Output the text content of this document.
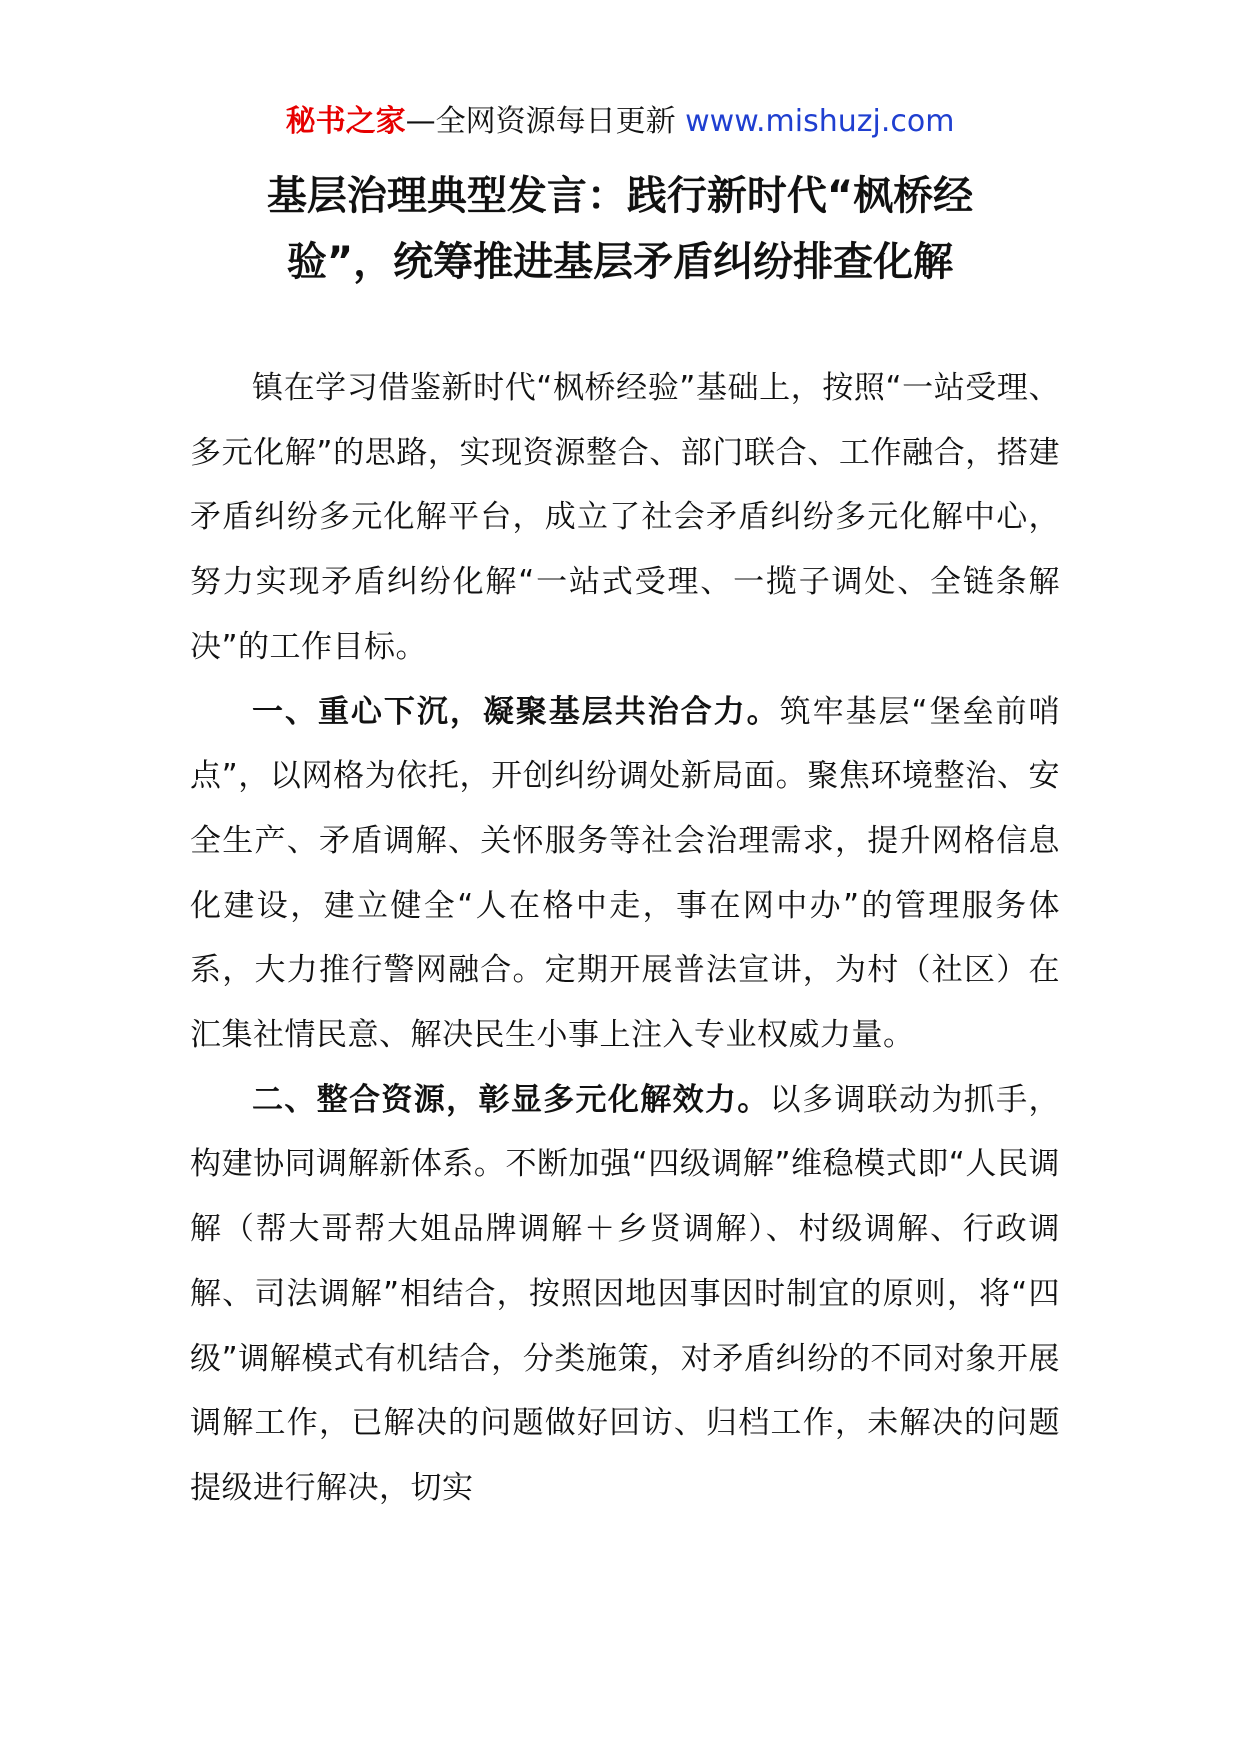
秘书之家—全网资源每日更新 www.mishuzj.com
基层治理典型发言：践行新时代“枫桥经
验”，统筹推进基层矛盾纠纷排查化解

镇在学习借鉴新时代“枫桥经验”基础上，按照“一站受理、多元化解”的思路，实现资源整合、部门联合、工作融合，搭建矛盾纠纷多元化解平台，成立了社会矛盾纠纷多元化解中心，努力实现矛盾纠纷化解“一站式受理、一揽子调处、全链条解决”的工作目标。

一、重心下沉，凝聚基层共治合力。筑牢基层“堡垒前哨点”，以网格为依托，开创纠纷调处新局面。聚焦环境整治、安全生产、矛盾调解、关怀服务等社会治理需求，提升网格信息化建设，建立健全“人在格中走，事在网中办”的管理服务体系，大力推行警网融合。定期开展普法宣讲，为村（社区）在汇集社情民意、解决民生小事上注入专业权威力量。

二、整合资源，彰显多元化解效力。以多调联动为抓手，构建协同调解新体系。不断加强“四级调解”维稳模式即“人民调解（帮大哥帮大姐品牌调解＋乡贤调解）、村级调解、行政调解、司法调解”相结合，按照因地因事因时制宜的原则，将“四级”调解模式有机结合，分类施策，对矛盾纠纷的不同对象开展调解工作，已解决的问题做好回访、归档工作，未解决的问题提级进行解决，切实
